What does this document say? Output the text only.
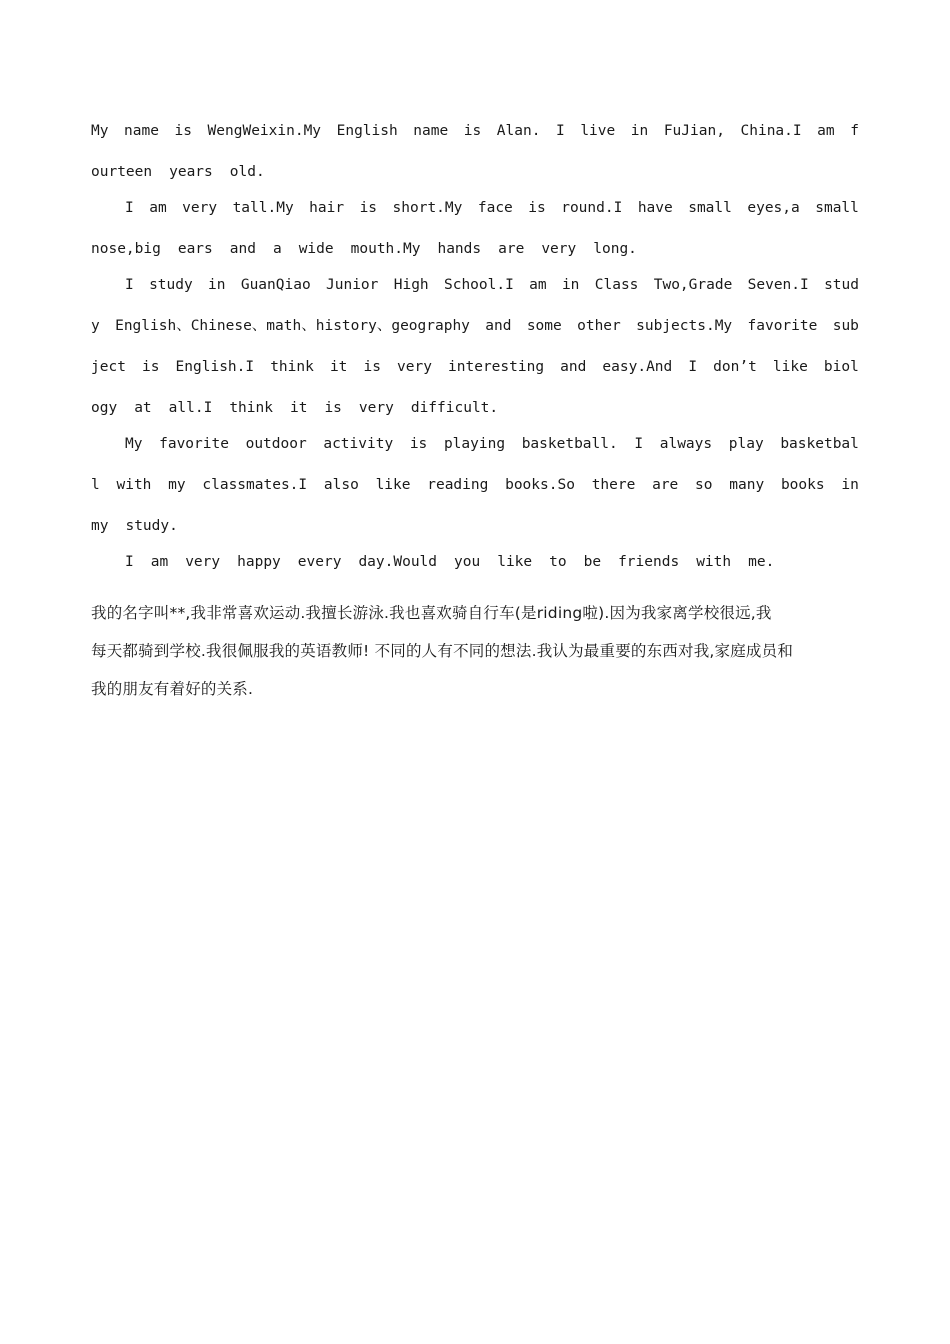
My name is WengWeixin.My English name is Alan. I live in FuJian, China.I am f
ourteen years old.
I am very tall.My hair is short.My face is round.I have small eyes,a small
nose,big ears and a wide mouth.My hands are very long.
I study in GuanQiao Junior High School.I am in Class Two,Grade Seven.I stud
y English、Chinese、math、history、geography and some other subjects.My favorite sub
ject is English.I think it is very interesting and easy.And I don’t like biol
ogy at all.I think it is very difficult.
My favorite outdoor activity is playing basketball. I always play basketbal
l with my classmates.I also like reading books.So there are so many books in
my study.
I am very happy every day.Would you like to be friends with me.
我的名字叫**,我非常喜欢运动.我擅长游泳.我也喜欢骑自行车(是riding啦).因为我家离学校很远,我
每天都骑到学校.我很佩服我的英语教师! 不同的人有不同的想法.我认为最重要的东西对我,家庭成员和
我的朋友有着好的关系.
